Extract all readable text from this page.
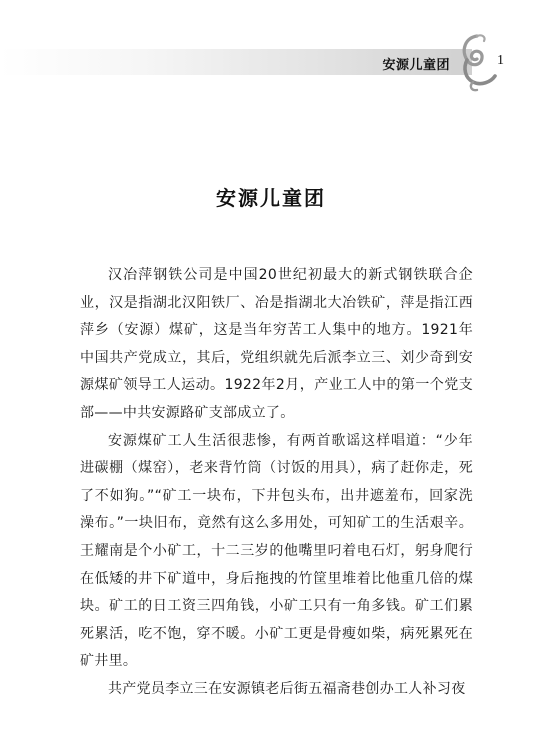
安源儿童团	1
安源儿童团

汉冶萍钢铁公司是中国20世纪初最大的新式钢铁联合企业，汉是指湖北汉阳铁厂、冶是指湖北大冶铁矿，萍是指江西萍乡（安源）煤矿，这是当年穷苦工人集中的地方。1921年中国共产党成立，其后，党组织就先后派李立三、刘少奇到安源煤矿领导工人运动。1922年2月，产业工人中的第一个党支部——中共安源路矿支部成立了。

安源煤矿工人生活很悲惨，有两首歌谣这样唱道：“少年进碳棚（煤窑），老来背竹筒（讨饭的用具），病了赶你走，死了不如狗。”“矿工一块布，下井包头布，出井遮羞布，回家洗澡布。”一块旧布，竟然有这么多用处，可知矿工的生活艰辛。王耀南是个小矿工，十二三岁的他嘴里叼着电石灯，躬身爬行在低矮的井下矿道中，身后拖拽的竹筐里堆着比他重几倍的煤块。矿工的日工资三四角钱，小矿工只有一角多钱。矿工们累死累活，吃不饱，穿不暖。小矿工更是骨瘦如柴，病死累死在矿井里。

共产党员李立三在安源镇老后街五福斋巷创办工人补习夜
